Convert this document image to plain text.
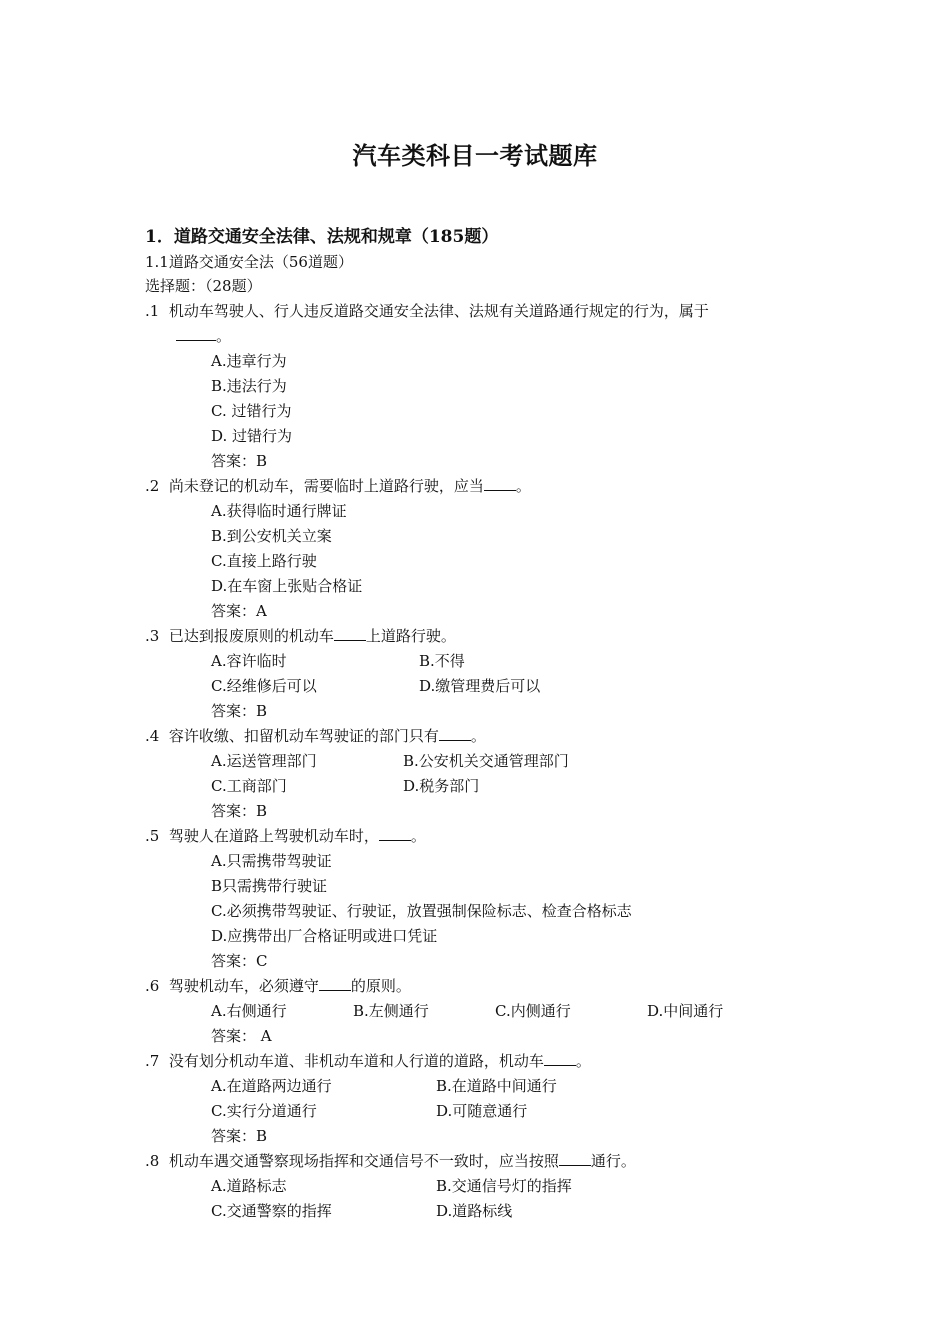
汽车类科目一考试题库
1．道路交通安全法律、法规和规章（185题）
1.1道路交通安全法（56道题）
选择题：（28题）
.1 机动车驾驶人、行人违反道路交通安全法律、法规有关道路通行规定的行为，属于
。
A.违章行为
B.违法行为
C. 过错行为
D. 过错行为
答案：B
.2 尚未登记的机动车，需要临时上道路行驶，应当 。
A.获得临时通行牌证
B.到公安机关立案
C.直接上路行驶
D.在车窗上张贴合格证
答案：A
.3 已达到报废原则的机动车 上道路行驶。
A.容许临时	B.不得
C.经维修后可以	D.缴管理费后可以
答案：B
.4 容许收缴、扣留机动车驾驶证的部门只有 。
A.运送管理部门	B.公安机关交通管理部门
C.工商部门	D.税务部门
答案：B
.5 驾驶人在道路上驾驶机动车时， 。
A.只需携带驾驶证
B只需携带行驶证
C.必须携带驾驶证、行驶证，放置强制保险标志、检查合格标志
D.应携带出厂合格证明或进口凭证
答案：C
.6 驾驶机动车，必须遵守 的原则。
A.右侧通行	B.左侧通行	C.内侧通行	D.中间通行
答案： A
.7 没有划分机动车道、非机动车道和人行道的道路，机动车 。
A.在道路两边通行	B.在道路中间通行
C.实行分道通行	D.可随意通行
答案：B
.8 机动车遇交通警察现场指挥和交通信号不一致时，应当按照 通行。
A.道路标志	B.交通信号灯的指挥
C.交通警察的指挥	D.道路标线
